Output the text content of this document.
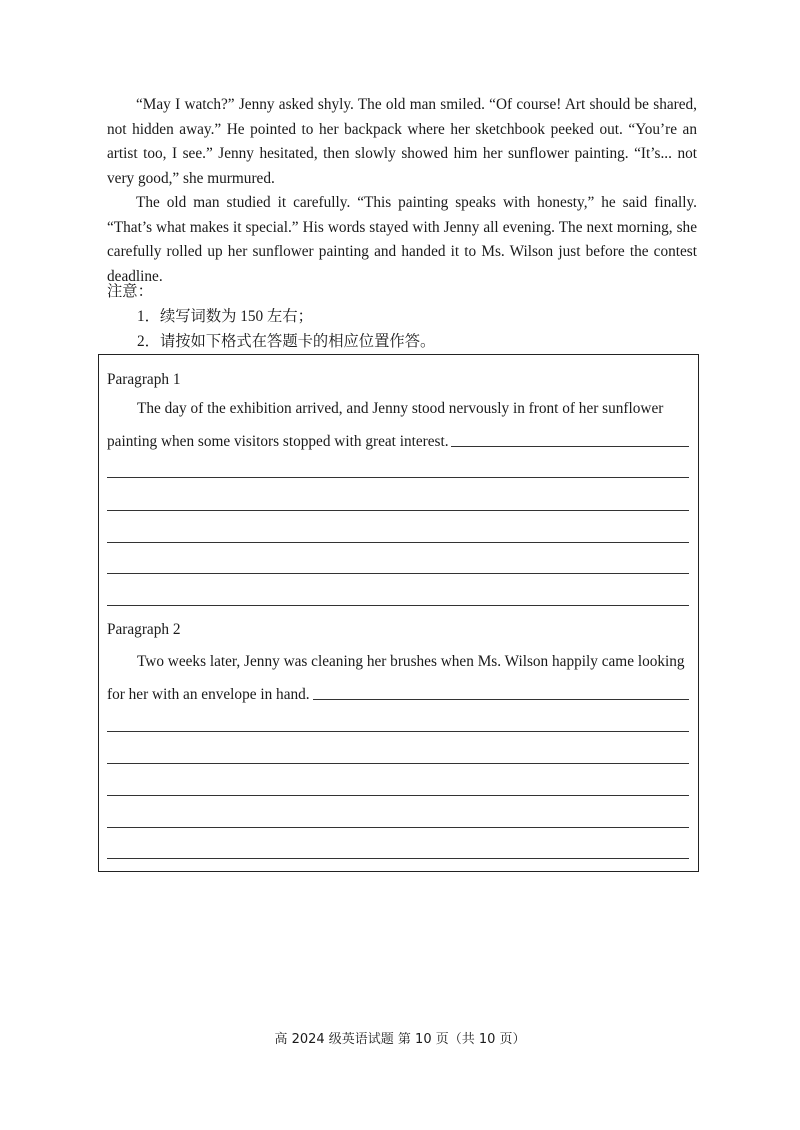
“May I watch?” Jenny asked shyly. The old man smiled. “Of course! Art should be shared, not hidden away.” He pointed to her backpack where her sketchbook peeked out. “You’re an artist too, I see.” Jenny hesitated, then slowly showed him her sunflower painting. “It’s... not very good,” she murmured.

The old man studied it carefully. “This painting speaks with honesty,” he said finally. “That’s what makes it special.” His words stayed with Jenny all evening. The next morning, she carefully rolled up her sunflower painting and handed it to Ms. Wilson just before the contest deadline.

注意：

1．续写词数为 150 左右；

2．请按如下格式在答题卡的相应位置作答。

Paragraph 1
The day of the exhibition arrived, and Jenny stood nervously in front of her sunflower painting when some visitors stopped with great interest.
Paragraph 2
Two weeks later, Jenny was cleaning her brushes when Ms. Wilson happily came looking for her with an envelope in hand.
高 2024 级英语试题 第 10 页（共 10 页）
